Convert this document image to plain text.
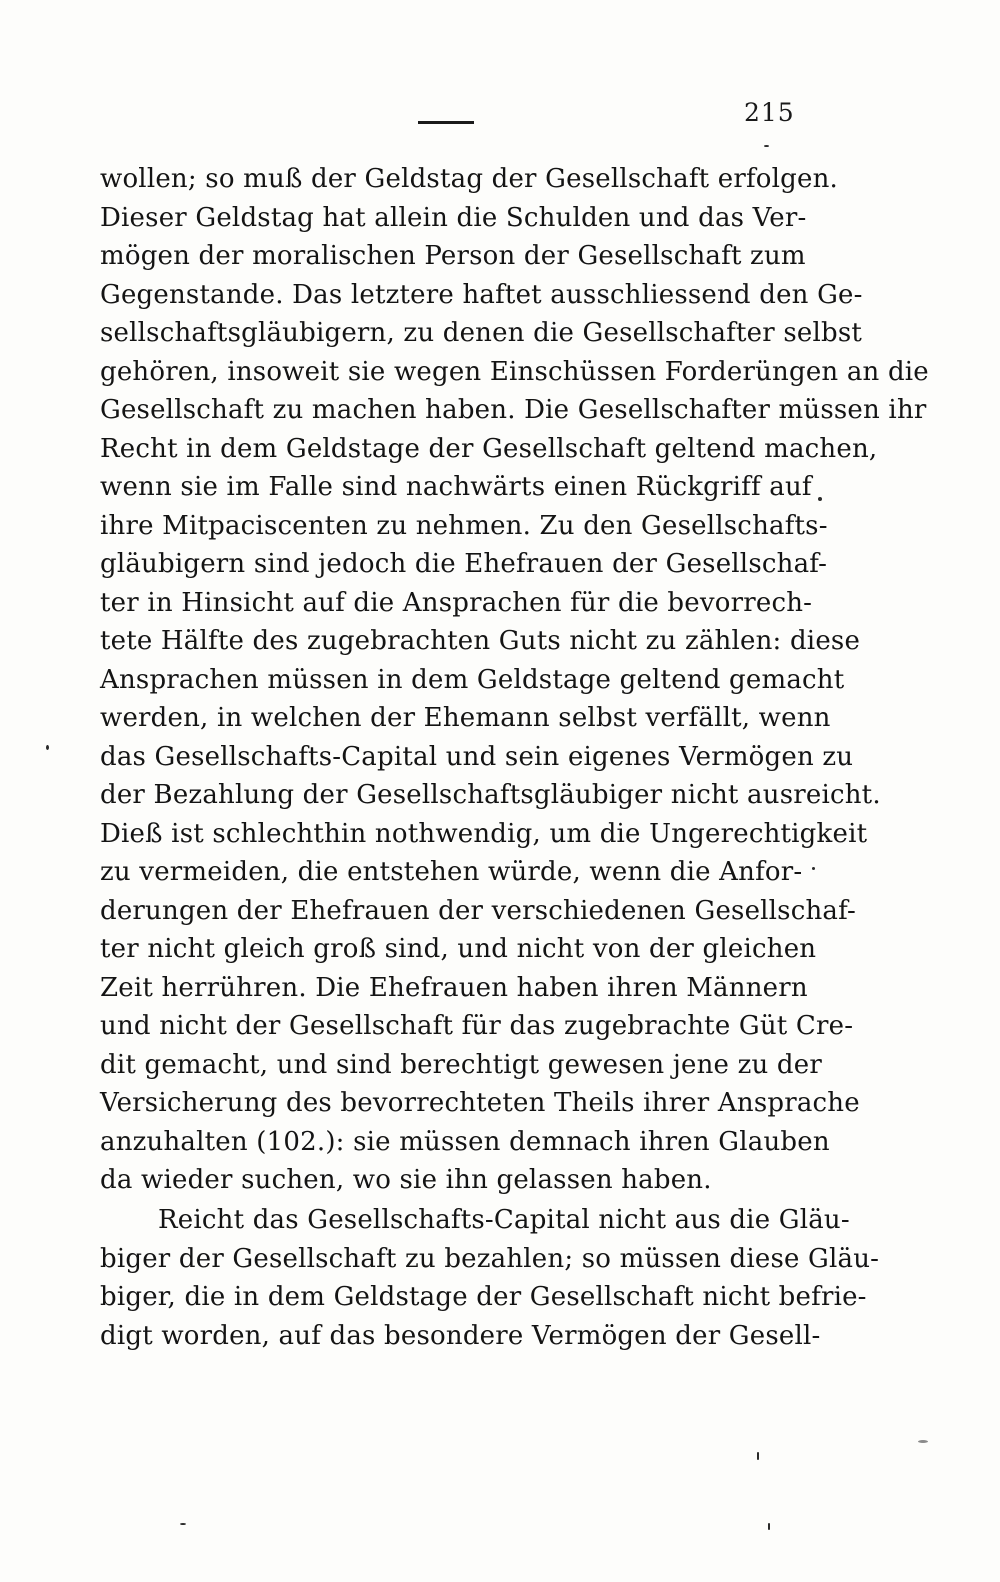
215
wollen; so muß der Geldstag der Gesellschaft erfolgen.
Dieser Geldstag hat allein die Schulden und das Ver-
mögen der moralischen Person der Gesellschaft zum
Gegenstande. Das letztere haftet ausschliessend den Ge-
sellschaftsgläubigern, zu denen die Gesellschafter selbst
gehören, insoweit sie wegen Einschüssen Forderüngen an die
Gesellschaft zu machen haben. Die Gesellschafter müssen ihr
Recht in dem Geldstage der Gesellschaft geltend machen,
wenn sie im Falle sind nachwärts einen Rückgriff auf
ihre Mitpaciscenten zu nehmen. Zu den Gesellschafts-
gläubigern sind jedoch die Ehefrauen der Gesellschaf-
ter in Hinsicht auf die Ansprachen für die bevorrech-
tete Hälfte des zugebrachten Guts nicht zu zählen: diese
Ansprachen müssen in dem Geldstage geltend gemacht
werden, in welchen der Ehemann selbst verfällt, wenn
das Gesellschafts-Capital und sein eigenes Vermögen zu
der Bezahlung der Gesellschaftsgläubiger nicht ausreicht.
Dieß ist schlechthin nothwendig, um die Ungerechtigkeit
zu vermeiden, die entstehen würde, wenn die Anfor-
derungen der Ehefrauen der verschiedenen Gesellschaf-
ter nicht gleich groß sind, und nicht von der gleichen
Zeit herrühren. Die Ehefrauen haben ihren Männern
und nicht der Gesellschaft für das zugebrachte Güt Cre-
dit gemacht, und sind berechtigt gewesen jene zu der
Versicherung des bevorrechteten Theils ihrer Ansprache
anzuhalten (102.): sie müssen demnach ihren Glauben
da wieder suchen, wo sie ihn gelassen haben.
Reicht das Gesellschafts-Capital nicht aus die Gläu-
biger der Gesellschaft zu bezahlen; so müssen diese Gläu-
biger, die in dem Geldstage der Gesellschaft nicht befrie-
digt worden, auf das besondere Vermögen der Gesell-
